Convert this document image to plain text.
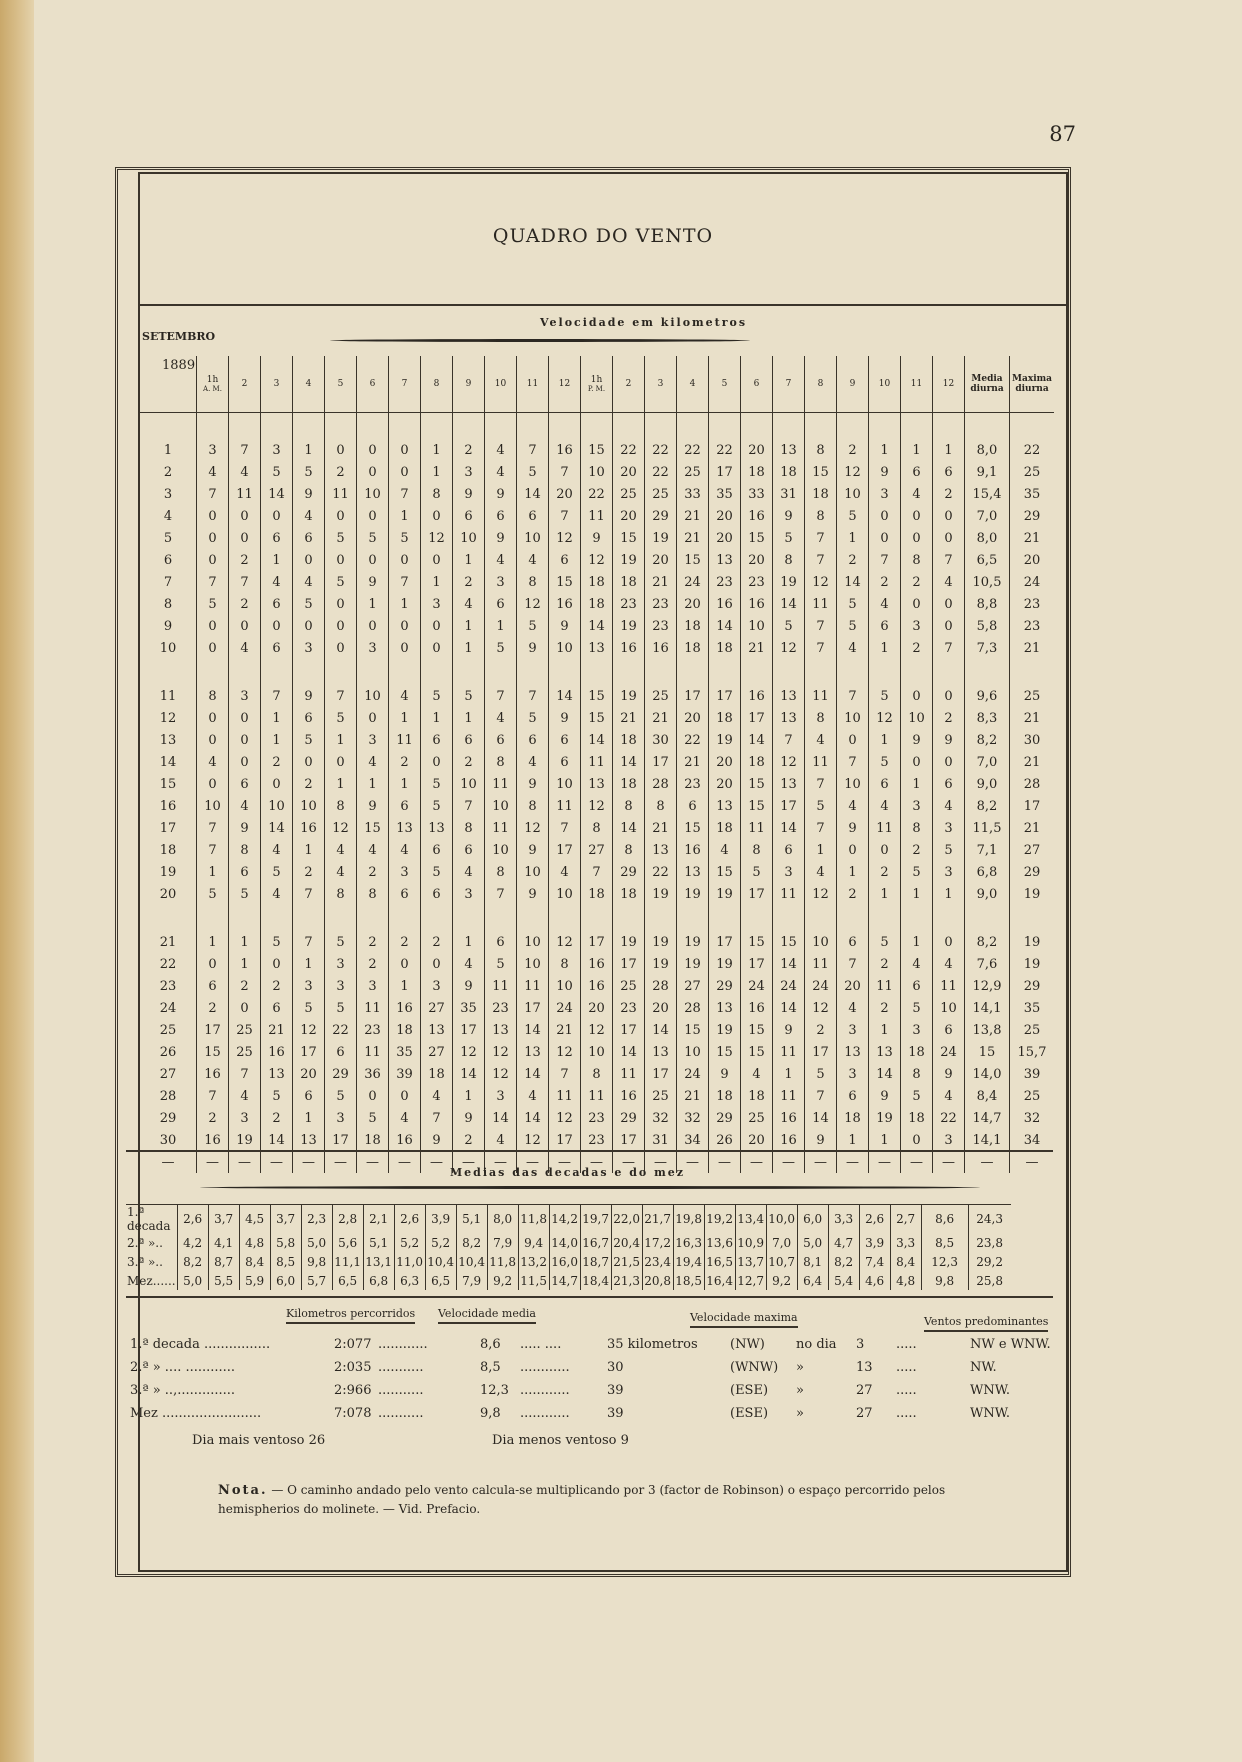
87
QUADRO DO VENTO
SETEMBRO
1889
Velocidade em kilometros
	1h
A. M.	2	3	4	5	6	7	8	9	10	11	12	1h
P. M.	2	3	4	5	6	7	8	9	10	11	12	Media diurna	Maxima diurna

1	3	7	3	1	0	0	0	1	2	4	7	16	15	22	22	22	22	20	13	8	2	1	1	1	8,0	22
2	4	4	5	5	2	0	0	1	3	4	5	7	10	20	22	25	17	18	18	15	12	9	6	6	9,1	25
3	7	11	14	9	11	10	7	8	9	9	14	20	22	25	25	33	35	33	31	18	10	3	4	2	15,4	35
4	0	0	0	4	0	0	1	0	6	6	6	7	11	20	29	21	20	16	9	8	5	0	0	0	7,0	29
5	0	0	6	6	5	5	5	12	10	9	10	12	9	15	19	21	20	15	5	7	1	0	0	0	8,0	21
6	0	2	1	0	0	0	0	0	1	4	4	6	12	19	20	15	13	20	8	7	2	7	8	7	6,5	20
7	7	7	4	4	5	9	7	1	2	3	8	15	18	18	21	24	23	23	19	12	14	2	2	4	10,5	24
8	5	2	6	5	0	1	1	3	4	6	12	16	18	23	23	20	16	16	14	11	5	4	0	0	8,8	23
9	0	0	0	0	0	0	0	0	1	1	5	9	14	19	23	18	14	10	5	7	5	6	3	0	5,8	23
10	0	4	6	3	0	3	0	0	1	5	9	10	13	16	16	18	18	21	12	7	4	1	2	7	7,3	21

11	8	3	7	9	7	10	4	5	5	7	7	14	15	19	25	17	17	16	13	11	7	5	0	0	9,6	25
12	0	0	1	6	5	0	1	1	1	4	5	9	15	21	21	20	18	17	13	8	10	12	10	2	8,3	21
13	0	0	1	5	1	3	11	6	6	6	6	6	14	18	30	22	19	14	7	4	0	1	9	9	8,2	30
14	4	0	2	0	0	4	2	0	2	8	4	6	11	14	17	21	20	18	12	11	7	5	0	0	7,0	21
15	0	6	0	2	1	1	1	5	10	11	9	10	13	18	28	23	20	15	13	7	10	6	1	6	9,0	28
16	10	4	10	10	8	9	6	5	7	10	8	11	12	8	8	6	13	15	17	5	4	4	3	4	8,2	17
17	7	9	14	16	12	15	13	13	8	11	12	7	8	14	21	15	18	11	14	7	9	11	8	3	11,5	21
18	7	8	4	1	4	4	4	6	6	10	9	17	27	8	13	16	4	8	6	1	0	0	2	5	7,1	27
19	1	6	5	2	4	2	3	5	4	8	10	4	7	29	22	13	15	5	3	4	1	2	5	3	6,8	29
20	5	5	4	7	8	8	6	6	3	7	9	10	18	18	19	19	19	17	11	12	2	1	1	1	9,0	19

21	1	1	5	7	5	2	2	2	1	6	10	12	17	19	19	19	17	15	15	10	6	5	1	0	8,2	19
22	0	1	0	1	3	2	0	0	4	5	10	8	16	17	19	19	19	17	14	11	7	2	4	4	7,6	19
23	6	2	2	3	3	3	1	3	9	11	11	10	16	25	28	27	29	24	24	24	20	11	6	11	12,9	29
24	2	0	6	5	5	11	16	27	35	23	17	24	20	23	20	28	13	16	14	12	4	2	5	10	14,1	35
25	17	25	21	12	22	23	18	13	17	13	14	21	12	17	14	15	19	15	9	2	3	1	3	6	13,8	25
26	15	25	16	17	6	11	35	27	12	12	13	12	10	14	13	10	15	15	11	17	13	13	18	24	15	15,7
27	16	7	13	20	29	36	39	18	14	12	14	7	8	11	17	24	9	4	1	5	3	14	8	9	14,0	39
28	7	4	5	6	5	0	0	4	1	3	4	11	11	16	25	21	18	18	11	7	6	9	5	4	8,4	25
29	2	3	2	1	3	5	4	7	9	14	14	12	23	29	32	32	29	25	16	14	18	19	18	22	14,7	32
30	16	19	14	13	17	18	16	9	2	4	12	17	23	17	31	34	26	20	16	9	1	1	0	3	14,1	34
—	—	—	—	—	—	—	—	—	—	—	—	—	—	—	—	—	—	—	—	—	—	—	—	—	—	—
Medias das decadas e do mez
1.ª decada	2,6	3,7	4,5	3,7	2,3	2,8	2,1	2,6	3,9	5,1	8,0	11,8	14,2	19,7	22,0	21,7	19,8	19,2	13,4	10,0	6,0	3,3	2,6	2,7	8,6	24,3
2.ª »..	4,2	4,1	4,8	5,8	5,0	5,6	5,1	5,2	5,2	8,2	7,9	9,4	14,0	16,7	20,4	17,2	16,3	13,6	10,9	7,0	5,0	4,7	3,9	3,3	8,5	23,8
3.ª »..	8,2	8,7	8,4	8,5	9,8	11,1	13,1	11,0	10,4	10,4	11,8	13,2	16,0	18,7	21,5	23,4	19,4	16,5	13,7	10,7	8,1	8,2	7,4	8,4	12,3	29,2
Mez......	5,0	5,5	5,9	6,0	5,7	6,5	6,8	6,3	6,5	7,9	9,2	11,5	14,7	18,4	21,3	20,8	18,5	16,4	12,7	9,2	6,4	5,4	4,6	4,8	9,8	25,8
Kilometros percorridos Velocidade media	Velocidade maxima	Ventos predominantes
1.ª decada ................	2:077 ............	8,6 ..... ....	35 kilometros (NW) no dia 3 .....	NW e WNW.
2.ª » .... ............	2:035 ...........	8,5 ............	30	(WNW) »	13 .....	NW.
3.ª » ..,..............	2:966 ...........	12,3 ............	39	(ESE) »	27 .....	WNW.
Mez ........................	7:078 ...........	9,8 ............	39	(ESE) »	27 .....	WNW.
Dia mais ventoso 26	Dia menos ventoso 9
Nota. — O caminho andado pelo vento calcula-se multiplicando por 3 (factor de Robinson) o espaço percorrido pelos hemispherios do molinete. — Vid. Prefacio.
